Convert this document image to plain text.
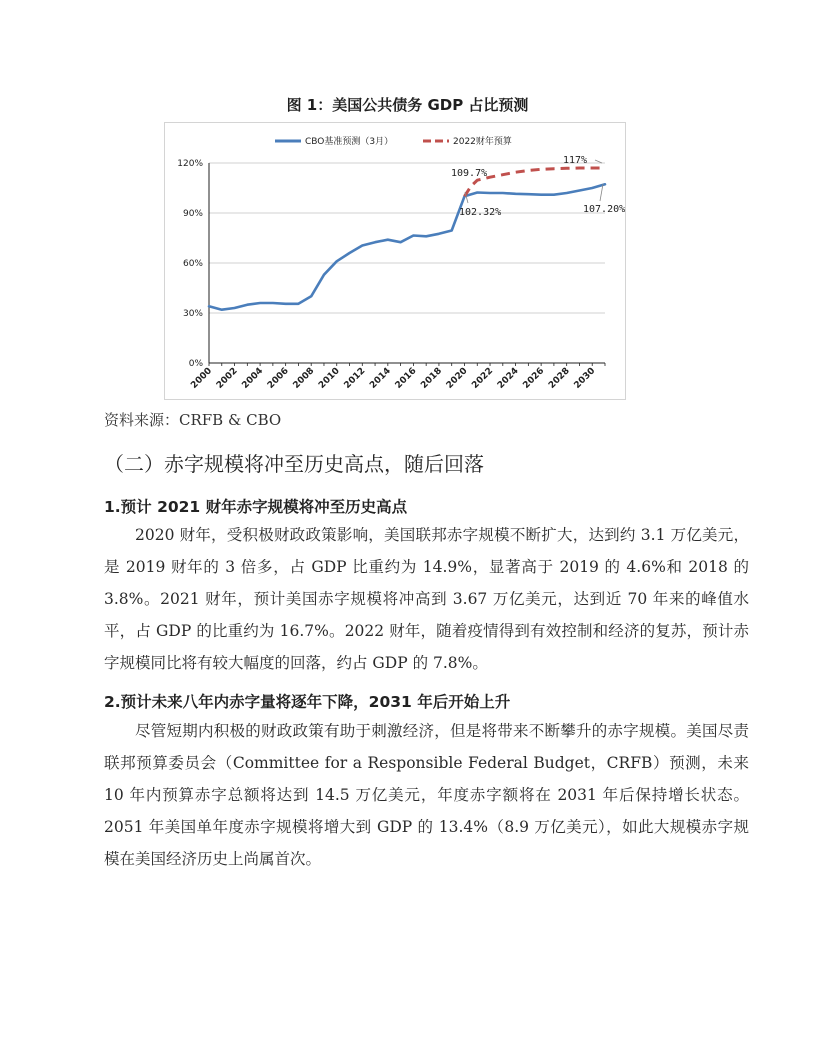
图 1：美国公共债务 GDP 占比预测
0%
30%
60%
90%
120%
2000 2002 2004 2006 2008 2010 2012 2014 2016 2018 2020 2022 2024 2026 2028 2030
CBO基准预测（3月）	2022财年预算
109.7%
117%
102.32%	107.20%
资料来源：CRFB & CBO
（二）赤字规模将冲至历史高点，随后回落
1.预计 2021 财年赤字规模将冲至历史高点

2020 财年，受积极财政政策影响，美国联邦赤字规模不断扩大，达到约 3.1 万亿美元，是 2019 财年的 3 倍多，占 GDP 比重约为 14.9%，显著高于 2019 的 4.6%和 2018 的 3.8%。2021 财年，预计美国赤字规模将冲高到 3.67 万亿美元，达到近 70 年来的峰值水平，占 GDP 的比重约为 16.7%。2022 财年，随着疫情得到有效控制和经济的复苏，预计赤字规模同比将有较大幅度的回落，约占 GDP 的 7.8%。

2.预计未来八年内赤字量将逐年下降，2031 年后开始上升

尽管短期内积极的财政政策有助于刺激经济，但是将带来不断攀升的赤字规模。美国尽责联邦预算委员会（Committee for a Responsible Federal Budget，CRFB）预测，未来 10 年内预算赤字总额将达到 14.5 万亿美元，年度赤字额将在 2031 年后保持增长状态。2051 年美国单年度赤字规模将增大到 GDP 的 13.4%（8.9 万亿美元），如此大规模赤字规模在美国经济历史上尚属首次。
